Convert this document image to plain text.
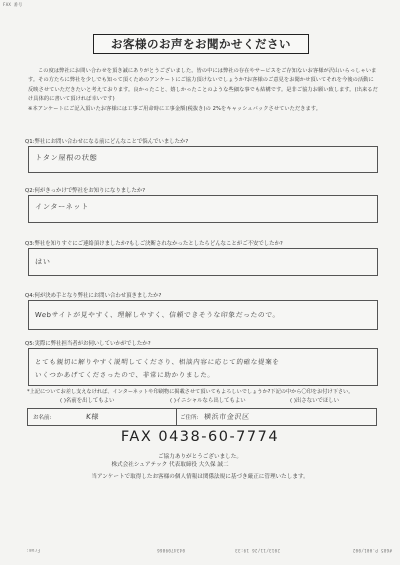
FAX 番号
お客様のお声をお聞かせください

この度は弊社にお問い合わせを頂き誠にありがとうございました。皆の中には弊社の存在やサービスをご存知ないお客様が沢山いらっしゃいます。その方たちに弊社を少しでも知って頂くためのアンケートにご協力頂けないでしょうか?お客様のご意見をお聞かせ頂いてそれを今後の活動に反映させていただきたいと考えております。良かったこと、嬉しかったことのような些細な事でも結構です。是非ご協力お願い致します。(出来るだけ具体的に書いて頂ければ幸いです)

※本アンケートにご記入頂いたお客様には工事ご用命時に工事金額(税抜き)の 2%をキャッシュバックさせていただきます。

Q1:弊社にお問い合わせになる前にどんなことで悩んでいましたか?
トタン屋根の状態
Q2:何がきっかけで弊社をお知りになりましたか?
インターネット
Q3:弊社を知りすぐにご連絡頂けましたか?もしご決断されなかったとしたらどんなことがご不安でしたか?
はい
Q4:何が決め手となり弊社にお問い合わせ頂きましたか?
Webサイトが見やすく、理解しやすく、信頼できそうな印象だったので。
Q5:実際に弊社担当者がお伺いしていかがでしたか?
とても親切に解りやすく説明してくださり、相談内容に応じて的確な提案を
いくつかあげてくださったので、非常に助かりました。
*上記についてお差し支えなければ、インターネットや印刷物に掲載させて頂いてもよろしいでしょうか?下記の中から〇印をお付け下さい。
( )名前を出してもよい	( )イニシャルなら出してもよい	( )出さないでほしい
お名前:	K様	ご住所: 横浜市金沢区
FAX 0438-60-7774
ご協力ありがとうございました。
株式会社シュアテック 代表取締役 大久保 誠二
当アンケートで取得したお客様の個人情報は関係法規に基づき厳正に管理いたします。
#685 P.001/002
2013/11/26 19:33
0434709866
From:
